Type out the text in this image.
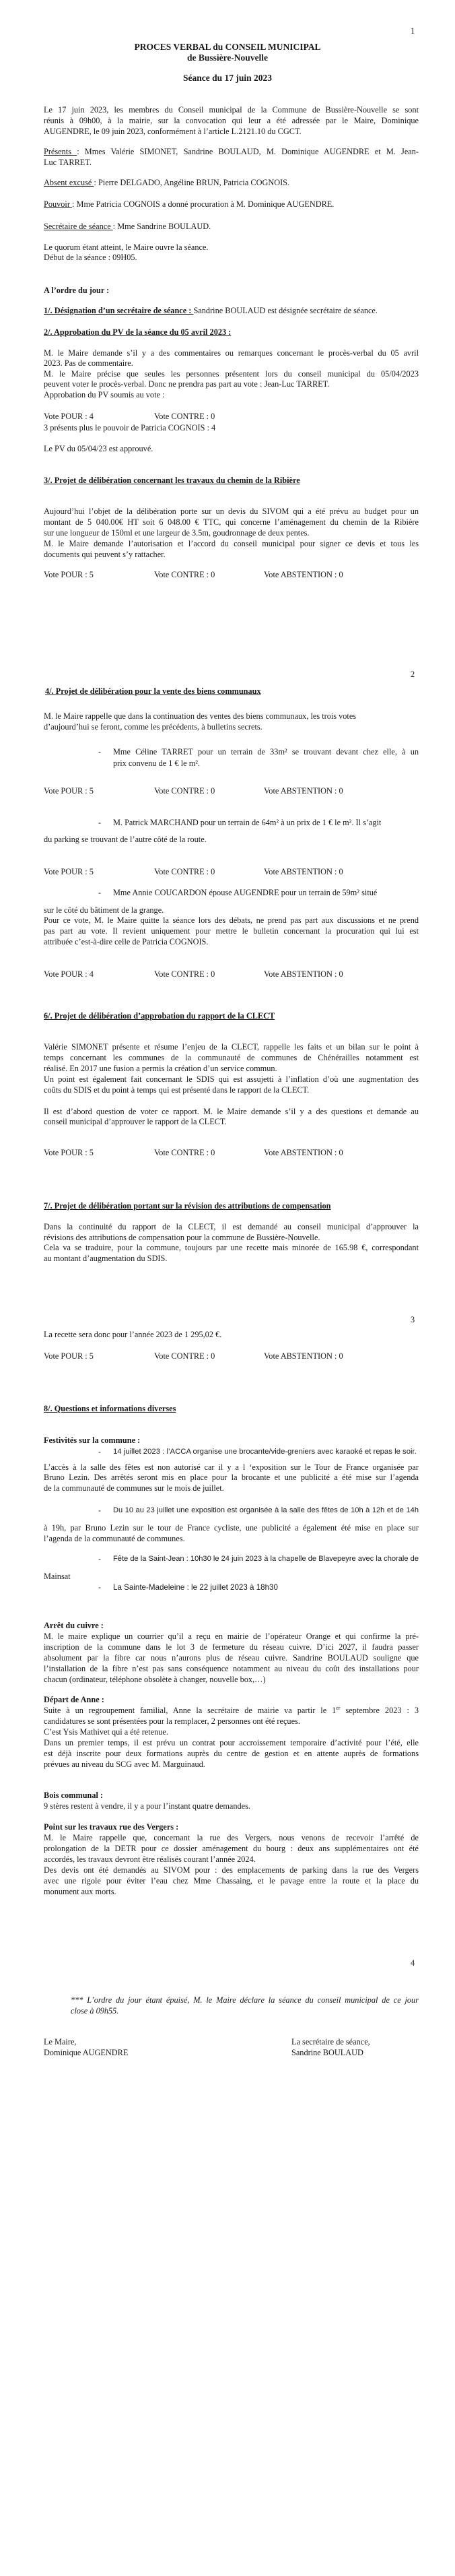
1
PROCES VERBAL du CONSEIL MUNICIPAL
de Bussière-Nouvelle
Séance du 17 juin 2023
Le 17 juin 2023, les membres du Conseil municipal de la Commune de Bussière-Nouvelle se sont
réunis à 09h00, à la mairie, sur la convocation qui leur a été adressée par le Maire, Dominique
AUGENDRE, le 09 juin 2023, conformément à l’article L.2121.10 du CGCT.
Présents : Mmes Valérie SIMONET, Sandrine BOULAUD, M. Dominique AUGENDRE et M. Jean-
Luc TARRET.
Absent excusé : Pierre DELGADO, Angéline BRUN, Patricia COGNOIS.
Pouvoir : Mme Patricia COGNOIS a donné procuration à M. Dominique AUGENDRE.
Secrétaire de séance : Mme Sandrine BOULAUD.
Le quorum étant atteint, le Maire ouvre la séance.
Début de la séance : 09H05.
A l’ordre du jour :
1/. Désignation d’un secrétaire de séance : Sandrine BOULAUD est désignée secrétaire de séance.
2/. Approbation du PV de la séance du 05 avril 2023 :
M. le Maire demande s’il y a des commentaires ou remarques concernant le procès-verbal du 05 avril
2023. Pas de commentaire.
M. le Maire précise que seules les personnes présentent lors du conseil municipal du 05/04/2023
peuvent voter le procès-verbal. Donc ne prendra pas part au vote : Jean-Luc TARRET.
Approbation du PV soumis au vote :
Vote POUR : 4	Vote CONTRE : 0
3 présents plus le pouvoir de Patricia COGNOIS : 4
Le PV du 05/04/23 est approuvé.
3/. Projet de délibération concernant les travaux du chemin de la Ribière
Aujourd’hui l’objet de la délibération porte sur un devis du SIVOM qui a été prévu au budget pour un
montant de 5 040.00€ HT soit 6 048.00 € TTC, qui concerne l’aménagement du chemin de la Ribière
sur une longueur de 150ml et une largeur de 3.5m, goudronnage de deux pentes.
M. le Maire demande l’autorisation et l’accord du conseil municipal pour signer ce devis et tous les
documents qui peuvent s’y rattacher.
Vote POUR : 5	Vote CONTRE : 0	Vote ABSTENTION : 0
2
4/. Projet de délibération pour la vente des biens communaux
M. le Maire rappelle que dans la continuation des ventes des biens communaux, les trois votes
d’aujourd’hui se feront, comme les précédents, à bulletins secrets.
-	Mme Céline TARRET pour un terrain de 33m² se trouvant devant chez elle, à un
prix convenu de 1 € le m².
Vote POUR : 5	Vote CONTRE : 0	Vote ABSTENTION : 0
-	M. Patrick MARCHAND pour un terrain de 64m² à un prix de 1 € le m². Il s’agit
du parking se trouvant de l’autre côté de la route.
Vote POUR : 5	Vote CONTRE : 0	Vote ABSTENTION : 0
-	Mme Annie COUCARDON épouse AUGENDRE pour un terrain de 59m² situé
sur le côté du bâtiment de la grange.
Pour ce vote, M. le Maire quitte la séance lors des débats, ne prend pas part aux discussions et ne prend
pas part au vote. Il revient uniquement pour mettre le bulletin concernant la procuration qui lui est
attribuée c’est-à-dire celle de Patricia COGNOIS.
Vote POUR : 4	Vote CONTRE : 0	Vote ABSTENTION : 0
6/. Projet de délibération d’approbation du rapport de la CLECT
Valérie SIMONET présente et résume l’enjeu de la CLECT, rappelle les faits et un bilan sur le point à
temps concernant les communes de la communauté de communes de Chénérailles notamment est
réalisé. En 2017 une fusion a permis la création d’un service commun.
Un point est également fait concernant le SDIS qui est assujetti à l’inflation d’où une augmentation des
coûts du SDIS et du point à temps qui est présenté dans le rapport de la CLECT.
Il est d’abord question de voter ce rapport. M. le Maire demande s’il y a des questions et demande au
conseil municipal d’approuver le rapport de la CLECT.
Vote POUR : 5	Vote CONTRE : 0	Vote ABSTENTION : 0
7/. Projet de délibération portant sur la révision des attributions de compensation
Dans la continuité du rapport de la CLECT, il est demandé au conseil municipal d’approuver la
révisions des attributions de compensation pour la commune de Bussière-Nouvelle.
Cela va se traduire, pour la commune, toujours par une recette mais minorée de 165.98 €, correspondant
au montant d’augmentation du SDIS.
3
La recette sera donc pour l’année 2023 de 1 295,02 €.
Vote POUR : 5	Vote CONTRE : 0	Vote ABSTENTION : 0
8/. Questions et informations diverses
Festivités sur la commune :
-	14 juillet 2023 : l’ACCA organise une brocante/vide-greniers avec karaoké et repas le soir.
L’accès à la salle des fêtes est non autorisé car il y a l ‘exposition sur le Tour de France organisée par
Bruno Lezin. Des arrêtés seront mis en place pour la brocante et une publicité a été mise sur l’agenda
de la communauté de communes sur le mois de juillet.
-	Du 10 au 23 juillet une exposition est organisée à la salle des fêtes de 10h à 12h et de 14h
à 19h, par Bruno Lezin sur le tour de France cycliste, une publicité a également été mise en place sur
l’agenda de la communauté de communes.
-	Fête de la Saint-Jean : 10h30 le 24 juin 2023 à la chapelle de Blavepeyre avec la chorale de
Mainsat
-	La Sainte-Madeleine : le 22 juillet 2023 à 18h30
Arrêt du cuivre :
M. le maire explique un courrier qu’il a reçu en mairie de l’opérateur Orange et qui confirme la pré-
inscription de la commune dans le lot 3 de fermeture du réseau cuivre. D’ici 2027, il faudra passer
absolument par la fibre car nous n’aurons plus de réseau cuivre. Sandrine BOULAUD souligne que
l’installation de la fibre n’est pas sans conséquence notamment au niveau du coût des installations pour
chacun (ordinateur, téléphone obsolète à changer, nouvelle box,…)
Départ de Anne :
Suite à un regroupement familial, Anne la secrétaire de mairie va partir le 1er septembre 2023 : 3
candidatures se sont présentées pour la remplacer, 2 personnes ont été reçues.
C’est Ysis Mathivet qui a été retenue.
Dans un premier temps, il est prévu un contrat pour accroissement temporaire d’activité pour l’été, elle
est déjà inscrite pour deux formations auprès du centre de gestion et en attente auprès de formations
prévues au niveau du SCG avec M. Marguinaud.
Bois communal :
9 stères restent à vendre, il y a pour l’instant quatre demandes.
Point sur les travaux rue des Vergers :
M. le Maire rappelle que, concernant la rue des Vergers, nous venons de recevoir l’arrêté de
prolongation de la DETR pour ce dossier aménagement du bourg : deux ans supplémentaires ont été
accordés, les travaux devront être réalisés courant l’année 2024.
Des devis ont été demandés au SIVOM pour : des emplacements de parking dans la rue des Vergers
avec une rigole pour éviter l’eau chez Mme Chassaing, et le pavage entre la route et la place du
monument aux morts.
4
*** L’ordre du jour étant épuisé, M. le Maire déclare la séance du conseil municipal de ce jour
close à 09h55.
Le Maire,	La secrétaire de séance,
Dominique AUGENDRE	Sandrine BOULAUD
